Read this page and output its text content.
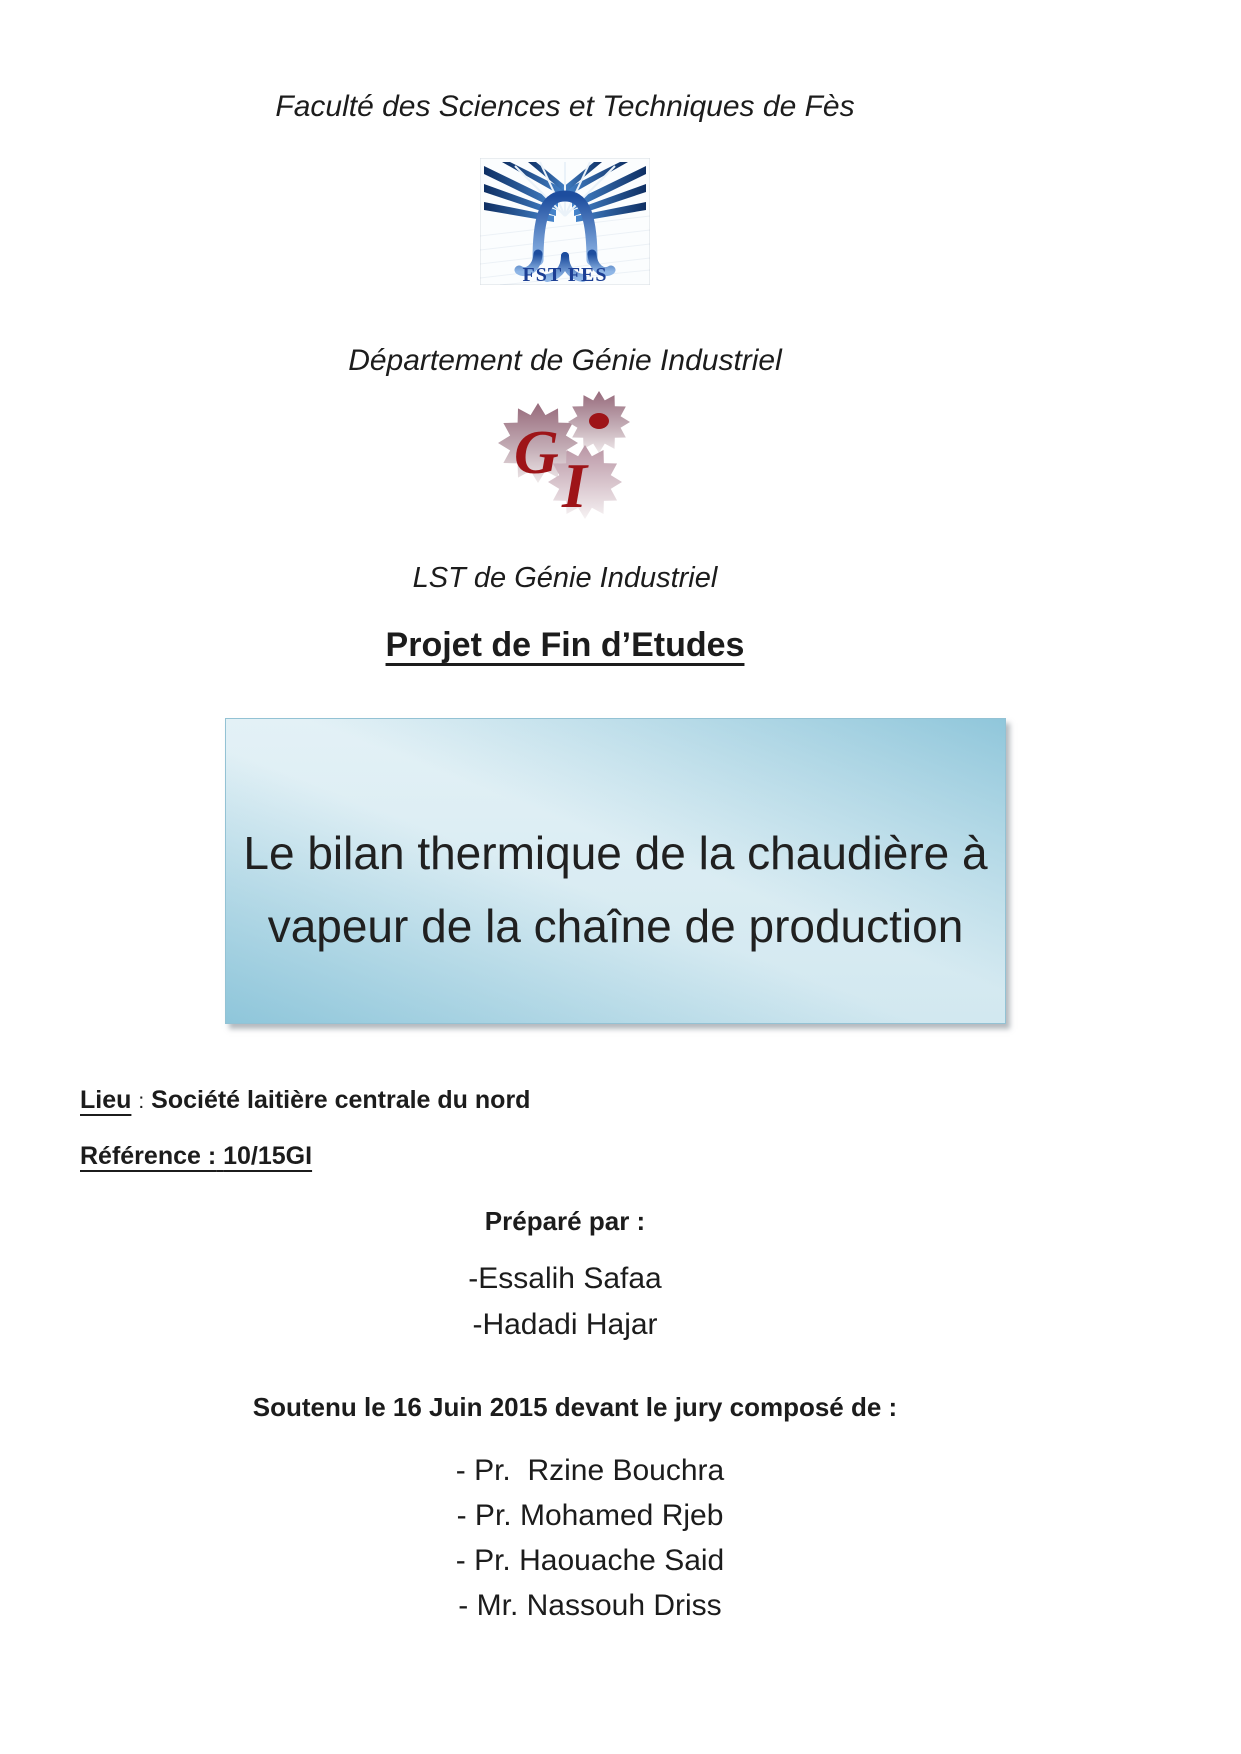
Faculté des Sciences et Techniques de Fès
FST FES
Département de Génie Industriel
G I
LST de Génie Industriel
Projet de Fin d’Etudes
Le bilan thermique de la chaudière à
vapeur de la chaîne de production
Lieu : Société laitière centrale du nord
Référence : 10/15GI
Préparé par :
-Essalih Safaa
-Hadadi Hajar
Soutenu le 16 Juin 2015 devant le jury composé de :
- Pr.  Rzine Bouchra
- Pr. Mohamed Rjeb
- Pr. Haouache Said
- Mr. Nassouh Driss
